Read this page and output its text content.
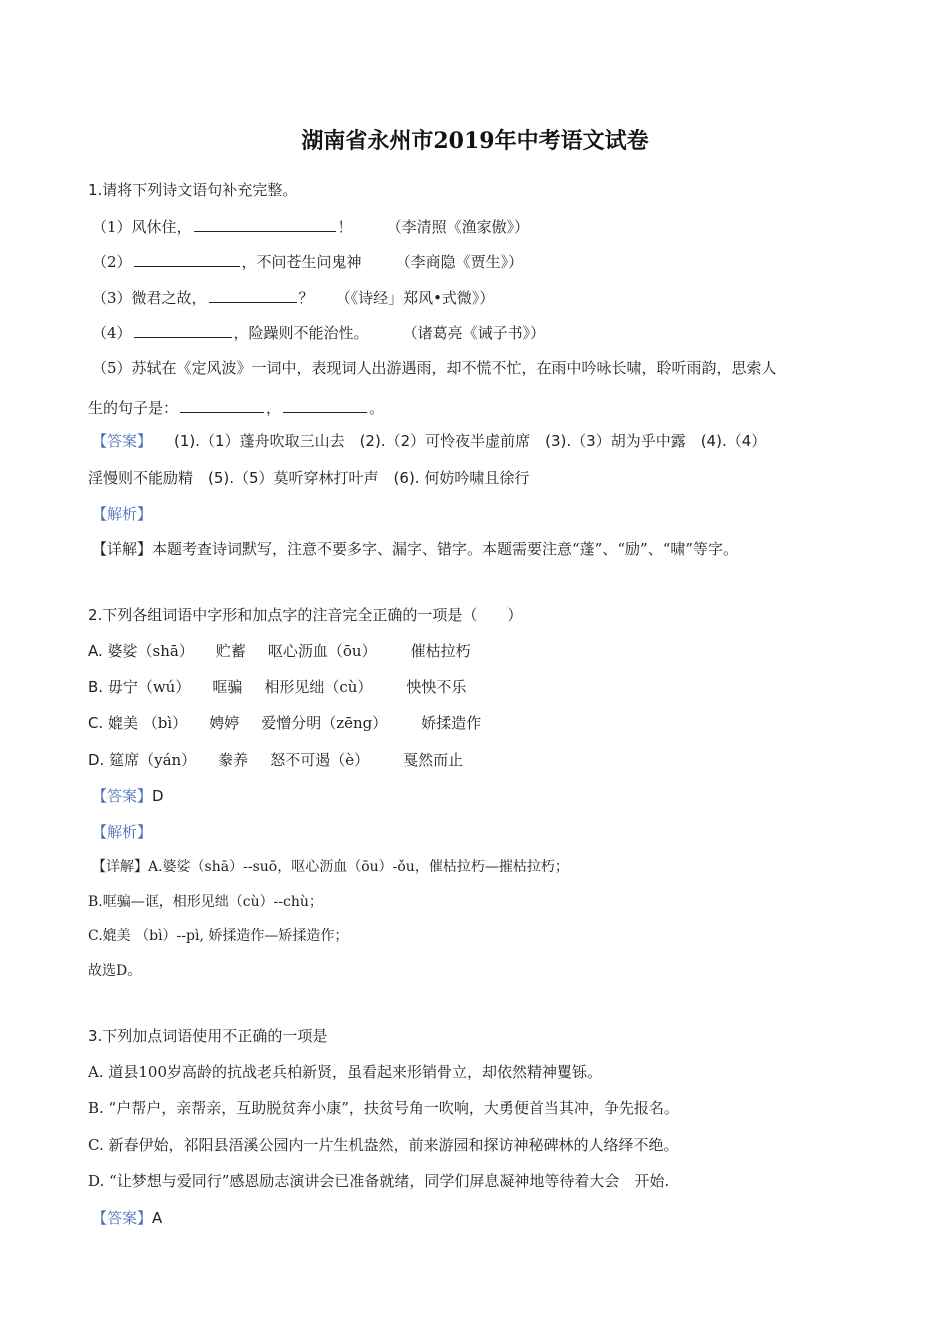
湖南省永州市2019年中考语文试卷
1.请将下列诗文语句补充完整。
（1）风休住，	！ （李清照《渔家傲》）
（2）	，不问苍生问鬼神 （李商隐《贾生》）
（3）微君之故，	？ （《诗经」郑风•式微》）
（4）	，险躁则不能治性。 （诸葛亮《诫子书》）
（5）苏轼在《定风波》一词中，表现词人出游遇雨，却不慌不忙，在雨中吟咏长啸，聆听雨韵，思索人
生的句子是：	，	。
【答案】 (1).（1）蓬舟吹取三山去　(2).（2）可怜夜半虚前席　(3).（3）胡为乎中露　(4).（4）
淫慢则不能励精　(5).（5）莫听穿林打叶声　(6). 何妨吟啸且徐行
【解析】
【详解】本题考查诗词默写，注意不要多字、漏字、错字。本题需要注意“蓬”、“励”、“啸”等字。
2.下列各组词语中字形和加点字的注音完全正确的一项是（　　）
A. 婆娑（shā） 贮蓄 呕心沥血（ōu） 催枯拉朽
B. 毋宁（wú） 哐骗 相形见绌（cù） 怏怏不乐
C. 媲美 （bì） 娉婷 爱憎分明（zēng） 娇揉造作
D. 筵席（yán） 豢养 怒不可遏（è） 戛然而止
【答案】D
【解析】
【详解】A.婆娑（shā）--suō，呕心沥血（ōu）-ǒu，催枯拉朽—摧枯拉朽；
B.哐骗—诓，相形见绌（cù）--chù；
C.媲美 （bì）--pì, 娇揉造作—矫揉造作；
故选D。
3.下列加点词语使用不正确的一项是
A. 道县100岁高龄的抗战老兵柏新贤，虽看起来形销骨立，却依然精神矍铄。
B. “户帮户，亲帮亲，互助脱贫奔小康”，扶贫号角一吹响，大勇便首当其冲，争先报名。
C. 新春伊始，祁阳县浯溪公园内一片生机盎然，前来游园和探访神秘碑林的人络绎不绝。
D. “让梦想与爱同行”感恩励志演讲会已准备就绪，同学们屏息凝神地等待着大会　开始.
【答案】A
